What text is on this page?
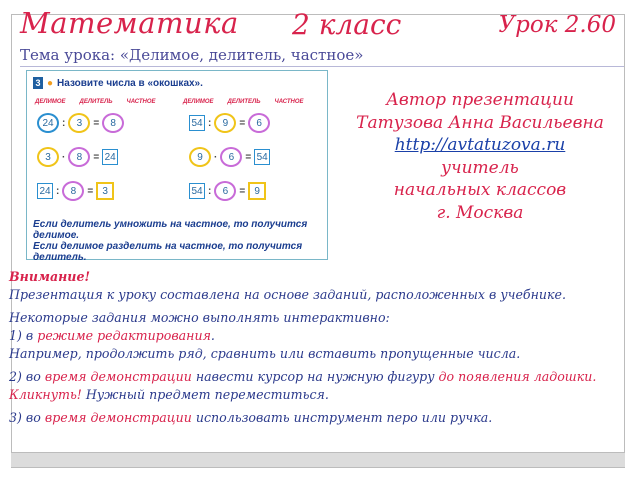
Математика 2 класс	Урок 2.60
Тема урока: «Делимое, делитель, частное»
3 ● Назовите числа в «окошках».
ДЕЛИМОЕ ДЕЛИТЕЛЬ ЧАСТНОЕ	ДЕЛИМОЕ ДЕЛИТЕЛЬ ЧАСТНОЕ
24 :	3	=	8
3	·	8	= 24
24 :	8	= 3
54 :	9	=	6
9	·	6	= 54
54 :	6	= 9
Если делитель умножить на частное, то получится делимое.
Если делимое разделить на частное, то получится делитель.
Автор презентации
Татузова Анна Васильевна
http://avtatuzova.ru
учитель
начальных классов
г. Москва

Внимание!
Презентация к уроку составлена на основе заданий, расположенных в учебнике.

Некоторые задания можно выполнять интерактивно:
1) в режиме редактирования.
Например, продолжить ряд, сравнить или вставить пропущенные числа.

2) во время демонстрации навести курсор на нужную фигуру до появления ладошки.
Кликнуть! Нужный предмет переместиться.

3) во время демонстрации использовать инструмент перо или ручка.
